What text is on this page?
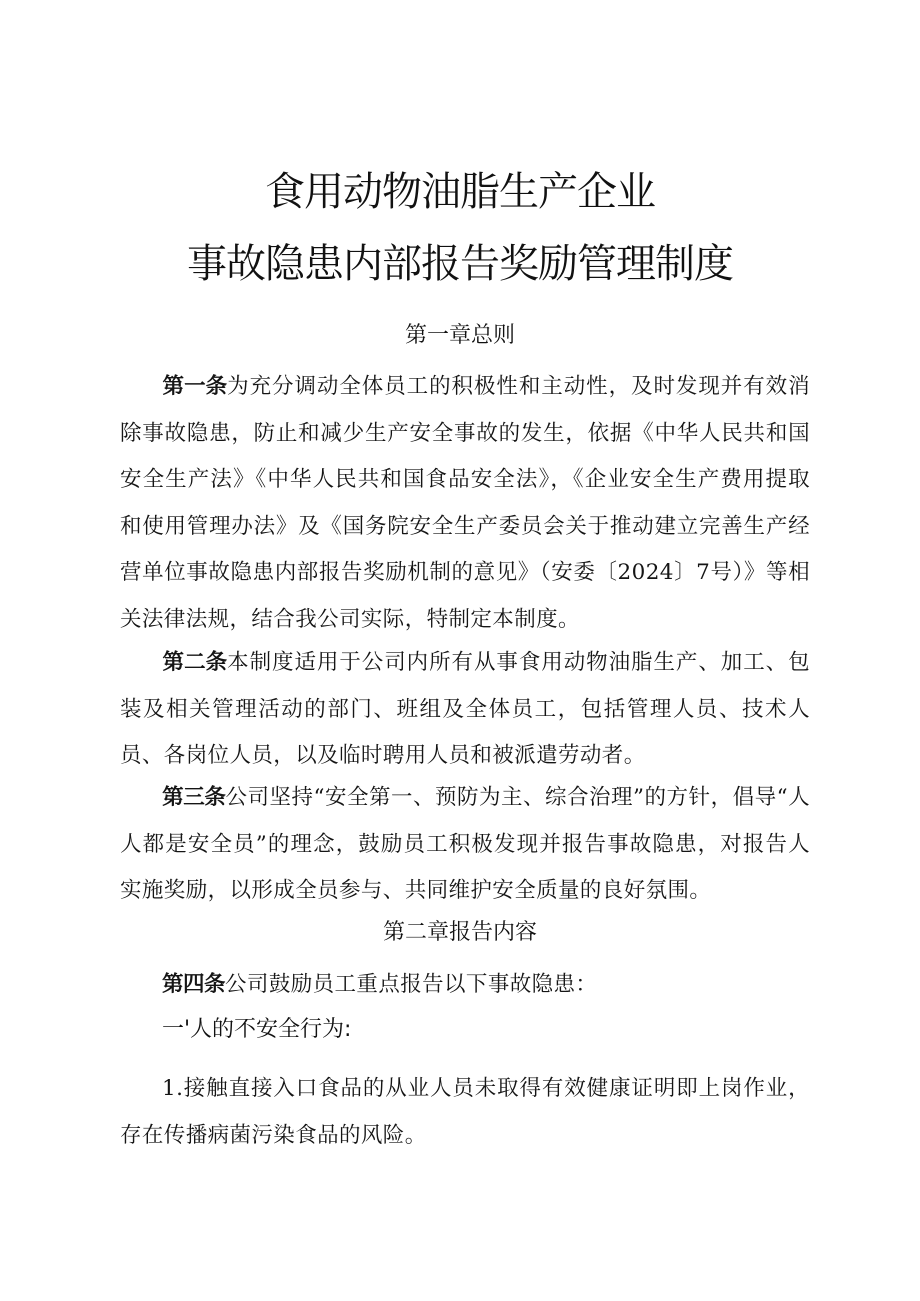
食用动物油脂生产企业
事故隐患内部报告奖励管理制度
第一章总则
第一条为充分调动全体员工的积极性和主动性，及时发现并有效消除事故隐患，防止和减少生产安全事故的发生，依据《中华人民共和国安全生产法》《中华人民共和国食品安全法》，《企业安全生产费用提取和使用管理办法》及《国务院安全生产委员会关于推动建立完善生产经营单位事故隐患内部报告奖励机制的意见》（安委〔2024〕7号）》等相关法律法规，结合我公司实际，特制定本制度。
第二条本制度适用于公司内所有从事食用动物油脂生产、加工、包装及相关管理活动的部门、班组及全体员工，包括管理人员、技术人员、各岗位人员，以及临时聘用人员和被派遣劳动者。
第三条公司坚持“安全第一、预防为主、综合治理”的方针，倡导“人人都是安全员”的理念，鼓励员工积极发现并报告事故隐患，对报告人实施奖励，以形成全员参与、共同维护安全质量的良好氛围。
第二章报告内容
第四条公司鼓励员工重点报告以下事故隐患：
一'人的不安全行为:
1.接触直接入口食品的从业人员未取得有效健康证明即上岗作业，存在传播病菌污染食品的风险。
